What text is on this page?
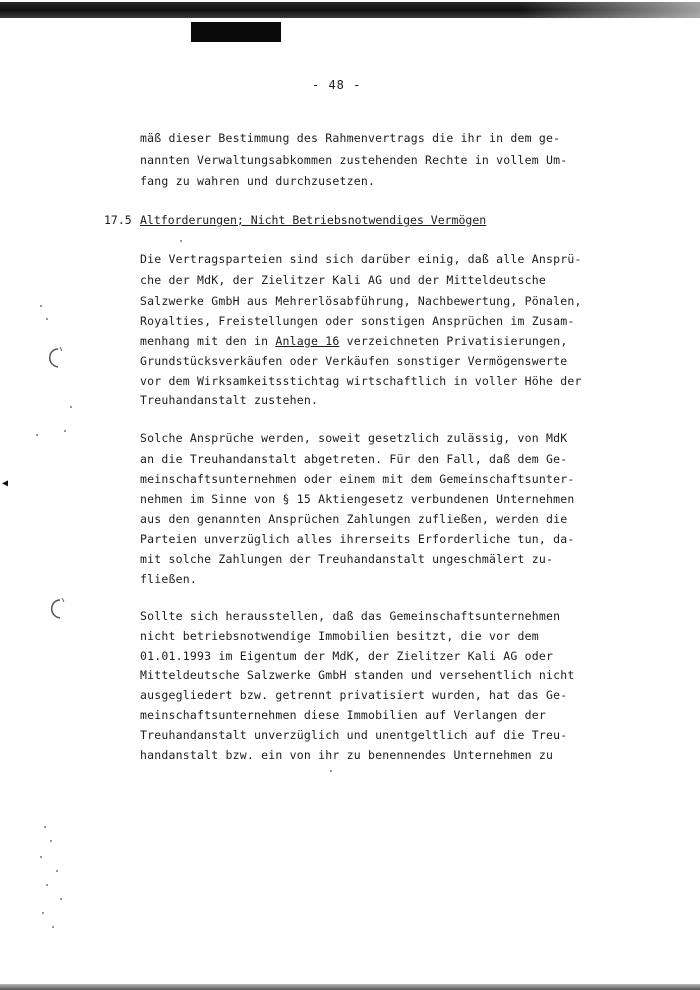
- 48 -
mäß dieser Bestimmung des Rahmenvertrags die ihr in dem ge-
nannten Verwaltungsabkommen zustehenden Rechte in vollem Um-
fang zu wahren und durchzusetzen.
17.5 Altforderungen; Nicht Betriebsnotwendiges Vermögen
Die Vertragsparteien sind sich darüber einig, daß alle Ansprü-
che der MdK, der Zielitzer Kali AG und der Mitteldeutsche
Salzwerke GmbH aus Mehrerlösabführung, Nachbewertung, Pönalen,
Royalties, Freistellungen oder sonstigen Ansprüchen im Zusam-
menhang mit den in Anlage 16 verzeichneten Privatisierungen,
Grundstücksverkäufen oder Verkäufen sonstiger Vermögenswerte
vor dem Wirksamkeitsstichtag wirtschaftlich in voller Höhe der
Treuhandanstalt zustehen.
Solche Ansprüche werden, soweit gesetzlich zulässig, von MdK
an die Treuhandanstalt abgetreten. Für den Fall, daß dem Ge-
meinschaftsunternehmen oder einem mit dem Gemeinschaftsunter-
nehmen im Sinne von § 15 Aktiengesetz verbundenen Unternehmen
aus den genannten Ansprüchen Zahlungen zufließen, werden die
Parteien unverzüglich alles ihrerseits Erforderliche tun, da-
mit solche Zahlungen der Treuhandanstalt ungeschmälert zu-
fließen.
Sollte sich herausstellen, daß das Gemeinschaftsunternehmen
nicht betriebsnotwendige Immobilien besitzt, die vor dem
01.01.1993 im Eigentum der MdK, der Zielitzer Kali AG oder
Mitteldeutsche Salzwerke GmbH standen und versehentlich nicht
ausgegliedert bzw. getrennt privatisiert wurden, hat das Ge-
meinschaftsunternehmen diese Immobilien auf Verlangen der
Treuhandanstalt unverzüglich und unentgeltlich auf die Treu-
handanstalt bzw. ein von ihr zu benennendes Unternehmen zu
◀
